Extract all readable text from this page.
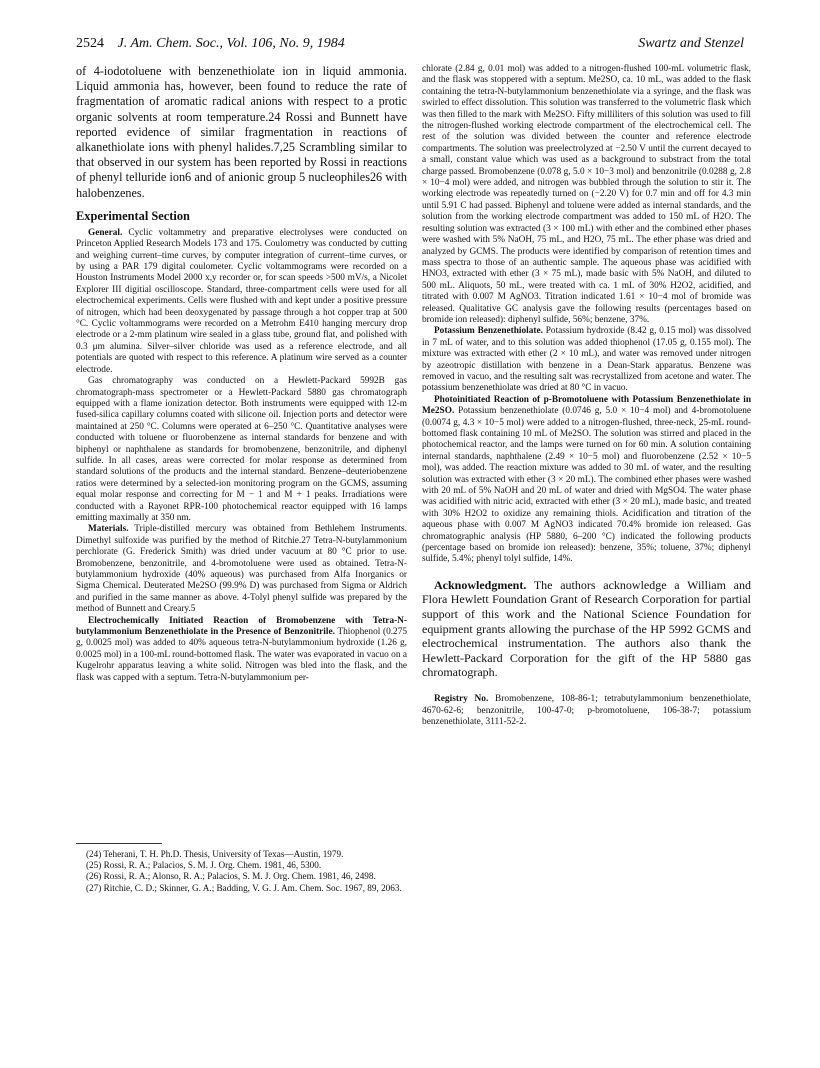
2524 J. Am. Chem. Soc., Vol. 106, No. 9, 1984	Swartz and Stenzel

of 4-iodotoluene with benzenethiolate ion in liquid ammonia. Liquid ammonia has, however, been found to reduce the rate of fragmentation of aromatic radical anions with respect to a protic organic solvents at room temperature.24 Rossi and Bunnett have reported evidence of similar fragmentation in reactions of alkanethiolate ions with phenyl halides.7,25 Scrambling similar to that observed in our system has been reported by Rossi in reactions of phenyl telluride ion6 and of anionic group 5 nucleophiles26 with halobenzenes.

Experimental Section

General. Cyclic voltammetry and preparative electrolyses were conducted on Princeton Applied Research Models 173 and 175. Coulometry was conducted by cutting and weighing current–time curves, by computer integration of current–time curves, or by using a PAR 179 digital coulometer. Cyclic voltammograms were recorded on a Houston Instruments Model 2000 x,y recorder or, for scan speeds >500 mV/s, a Nicolet Explorer III digitial oscilloscope. Standard, three-compartment cells were used for all electrochemical experiments. Cells were flushed with and kept under a positive pressure of nitrogen, which had been deoxygenated by passage through a hot copper trap at 500 °C. Cyclic voltammograms were recorded on a Metrohm E410 hanging mercury drop electrode or a 2-mm platinum wire sealed in a glass tube, ground flat, and polished with 0.3 μm alumina. Silver–silver chloride was used as a reference electrode, and all potentials are quoted with respect to this reference. A platinum wire served as a counter electrode.

Gas chromatography was conducted on a Hewlett-Packard 5992B gas chromatograph-mass spectrometer or a Hewlett-Packard 5880 gas chromatograph equipped with a flame ionization detector. Both instruments were equipped with 12-m fused-silica capillary columns coated with silicone oil. Injection ports and detector were maintained at 250 °C. Columns were operated at 6–250 °C. Quantitative analyses were conducted with toluene or fluorobenzene as internal standards for benzene and with biphenyl or naphthalene as standards for bromobenzene, benzonitrile, and diphenyl sulfide. In all cases, areas were corrected for molar response as determined from standard solutions of the products and the internal standard. Benzene–deuteriobenzene ratios were determined by a selected-ion monitoring program on the GCMS, assuming equal molar response and correcting for M − 1 and M + 1 peaks. Irradiations were conducted with a Rayonet RPR-100 photochemical reactor equipped with 16 lamps emitting maximally at 350 nm.

Materials. Triple-distilled mercury was obtained from Bethlehem Instruments. Dimethyl sulfoxide was purified by the method of Ritchie.27 Tetra-N-butylammonium perchlorate (G. Frederick Smith) was dried under vacuum at 80 °C prior to use. Bromobenzene, benzonitrile, and 4-bromotoluene were used as obtained. Tetra-N-butylammonium hydroxide (40% aqueous) was purchased from Alfa Inorganics or Sigma Chemical. Deuterated Me2SO (99.9% D) was purchased from Sigma or Aldrich and purified in the same manner as above. 4-Tolyl phenyl sulfide was prepared by the method of Bunnett and Creary.5

Electrochemically Initiated Reaction of Bromobenzene with Tetra-N-butylammonium Benzenethiolate in the Presence of Benzonitrile. Thiophenol (0.275 g, 0.0025 mol) was added to 40% aqueous tetra-N-butylammonium hydroxide (1.26 g, 0.0025 mol) in a 100-mL round-bottomed flask. The water was evaporated in vacuo on a Kugelrohr apparatus leaving a white solid. Nitrogen was bled into the flask, and the flask was capped with a septum. Tetra-N-butylammonium per-

(24) Teherani, T. H. Ph.D. Thesis, University of Texas—Austin, 1979.

(25) Rossi, R. A.; Palacios, S. M. J. Org. Chem. 1981, 46, 5300.

(26) Rossi, R. A.; Alonso, R. A.; Palacios, S. M. J. Org. Chem. 1981, 46, 2498.

(27) Ritchie, C. D.; Skinner, G. A.; Badding, V. G. J. Am. Chem. Soc. 1967, 89, 2063.

chlorate (2.84 g, 0.01 mol) was added to a nitrogen-flushed 100-mL volumetric flask, and the flask was stoppered with a septum. Me2SO, ca. 10 mL, was added to the flask containing the tetra-N-butylammonium benzenethiolate via a syringe, and the flask was swirled to effect dissolution. This solution was transferred to the volumetric flask which was then filled to the mark with Me2SO. Fifty milliliters of this solution was used to fill the nitrogen-flushed working electrode compartment of the electrochemical cell. The rest of the solution was divided between the counter and reference electrode compartments. The solution was preelectrolyzed at −2.50 V until the current decayed to a small, constant value which was used as a background to substract from the total charge passed. Bromobenzene (0.078 g, 5.0 × 10−3 mol) and benzonitrile (0.0288 g, 2.8 × 10−4 mol) were added, and nitrogen was bubbled through the solution to stir it. The working electrode was repeatedly turned on (−2.20 V) for 0.7 min and off for 4.3 min until 5.91 C had passed. Biphenyl and toluene were added as internal standards, and the solution from the working electrode compartment was added to 150 mL of H2O. The resulting solution was extracted (3 × 100 mL) with ether and the combined ether phases were washed with 5% NaOH, 75 mL, and H2O, 75 mL. The ether phase was dried and analyzed by GCMS. The products were identified by comparison of retention times and mass spectra to those of an authentic sample. The aqueous phase was acidified with HNO3, extracted with ether (3 × 75 mL), made basic with 5% NaOH, and diluted to 500 mL. Aliquots, 50 mL, were treated with ca. 1 mL of 30% H2O2, acidified, and titrated with 0.007 M AgNO3. Titration indicated 1.61 × 10−4 mol of bromide was released. Qualitative GC analysis gave the following results (percentages based on bromide ion released): diphenyl sulfide, 56%; benzene, 37%.

Potassium Benzenethiolate. Potassium hydroxide (8.42 g, 0.15 mol) was dissolved in 7 mL of water, and to this solution was added thiophenol (17.05 g, 0.155 mol). The mixture was extracted with ether (2 × 10 mL), and water was removed under nitrogen by azeotropic distillation with benzene in a Dean-Stark apparatus. Benzene was removed in vacuo, and the resulting salt was recrystallized from acetone and water. The potassium benzenethiolate was dried at 80 °C in vacuo.

Photoinitiated Reaction of p-Bromotoluene with Potassium Benzenethiolate in Me2SO. Potassium benzenethiolate (0.0746 g, 5.0 × 10−4 mol) and 4-bromotoluene (0.0074 g, 4.3 × 10−5 mol) were added to a nitrogen-flushed, three-neck, 25-mL round-bottomed flask containing 10 mL of Me2SO. The solution was stirred and placed in the photochemical reactor, and the lamps were turned on for 60 min. A solution containing internal standards, naphthalene (2.49 × 10−5 mol) and fluorobenzene (2.52 × 10−5 mol), was added. The reaction mixture was added to 30 mL of water, and the resulting solution was extracted with ether (3 × 20 mL). The combined ether phases were washed with 20 mL of 5% NaOH and 20 mL of water and dried with MgSO4. The water phase was acidified with nitric acid, extracted with ether (3 × 20 mL), made basic, and treated with 30% H2O2 to oxidize any remaining thiols. Acidification and titration of the aqueous phase with 0.007 M AgNO3 indicated 70.4% bromide ion released. Gas chromatographic analysis (HP 5880, 6–200 °C) indicated the following products (percentage based on bromide ion released): benzene, 35%; toluene, 37%; diphenyl sulfide, 5.4%; phenyl tolyl sulfide, 14%.

Acknowledgment. The authors acknowledge a William and Flora Hewlett Foundation Grant of Research Corporation for partial support of this work and the National Science Foundation for equipment grants allowing the purchase of the HP 5992 GCMS and electrochemical instrumentation. The authors also thank the Hewlett-Packard Corporation for the gift of the HP 5880 gas chromatograph.

Registry No. Bromobenzene, 108-86-1; tetrabutylammonium benzenethiolate, 4670-62-6; benzonitrile, 100-47-0; p-bromotoluene, 106-38-7; potassium benzenethiolate, 3111-52-2.
